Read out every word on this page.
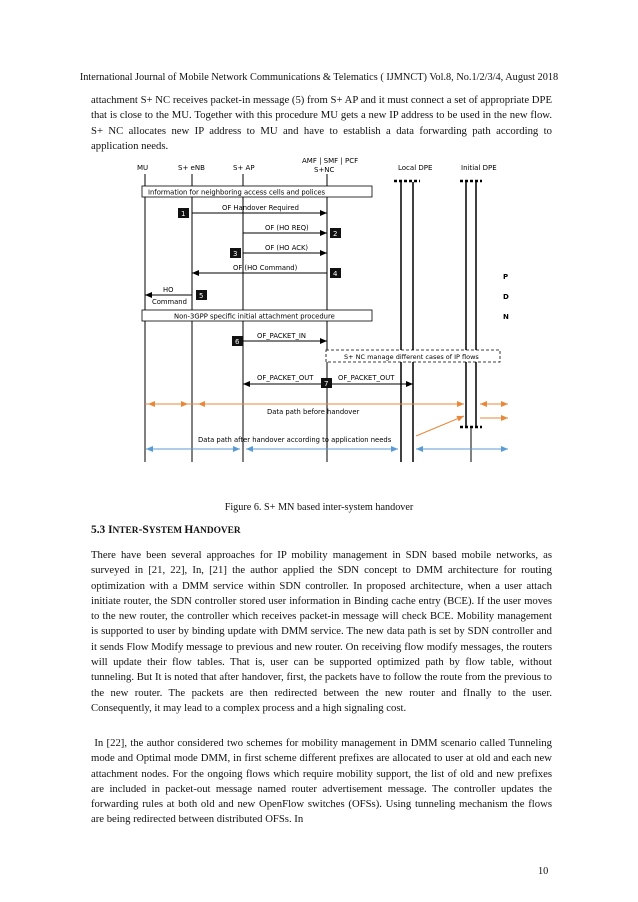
International Journal of Mobile Network Communications & Telematics ( IJMNCT) Vol.8, No.1/2/3/4, August 2018

attachment S+ NC receives packet-in message (5) from S+ AP and it must connect a set of appropriate DPE that is close to the MU. Together with this procedure MU gets a new IP address to be used in the new flow. S+ NC allocates new IP address to MU and have to establish a data forwarding path according to application needs.

MU	S+ eNB	S+ AP
AMF | SMF | PCF
S+NC	Local DPE	Initial DPE
Information for neighboring access cells and polices
OF Handover Required
1
OF (HO REQ)
2
OF (HO ACK)
3
OF (HO Command)
4
HO
Command
5
Non-3GPP specific initial attachment procedure
OF_PACKET_IN
6
S+ NC manage different cases of IP flows
OF_PACKET_OUT	OF_PACKET_OUT
7
P
D
N
Data path before handover
Data path after handover according to application needs
Figure 6. S+ MN based inter-system handover
5.3 INTER-SYSTEM HANDOVER

There have been several approaches for IP mobility management in SDN based mobile networks, as surveyed in [21, 22], In, [21] the author applied the SDN concept to DMM architecture for routing optimization with a DMM service within SDN controller. In proposed architecture, when a user attach initiate router, the SDN controller stored user information in Binding cache entry (BCE). If the user moves to the new router, the controller which receives packet-in message will check BCE. Mobility management is supported to user by binding update with DMM service. The new data path is set by SDN controller and it sends Flow Modify message to previous and new router. On receiving flow modify messages, the routers will update their flow tables. That is, user can be supported optimized path by flow table, without tunneling. But It is noted that after handover, first, the packets have to follow the route from the previous to the new router. The packets are then redirected between the new router and fInally to the user. Consequently, it may lead to a complex process and a high signaling cost.

In [22], the author considered two schemes for mobility management in DMM scenario called Tunneling mode and Optimal mode DMM, in first scheme different prefixes are allocated to user at old and each new attachment nodes. For the ongoing flows which require mobility support, the list of old and new prefixes are included in packet-out message named router advertisement message. The controller updates the forwarding rules at both old and new OpenFlow switches (OFSs). Using tunneling mechanism the flows are being redirected between distributed OFSs. In

10
